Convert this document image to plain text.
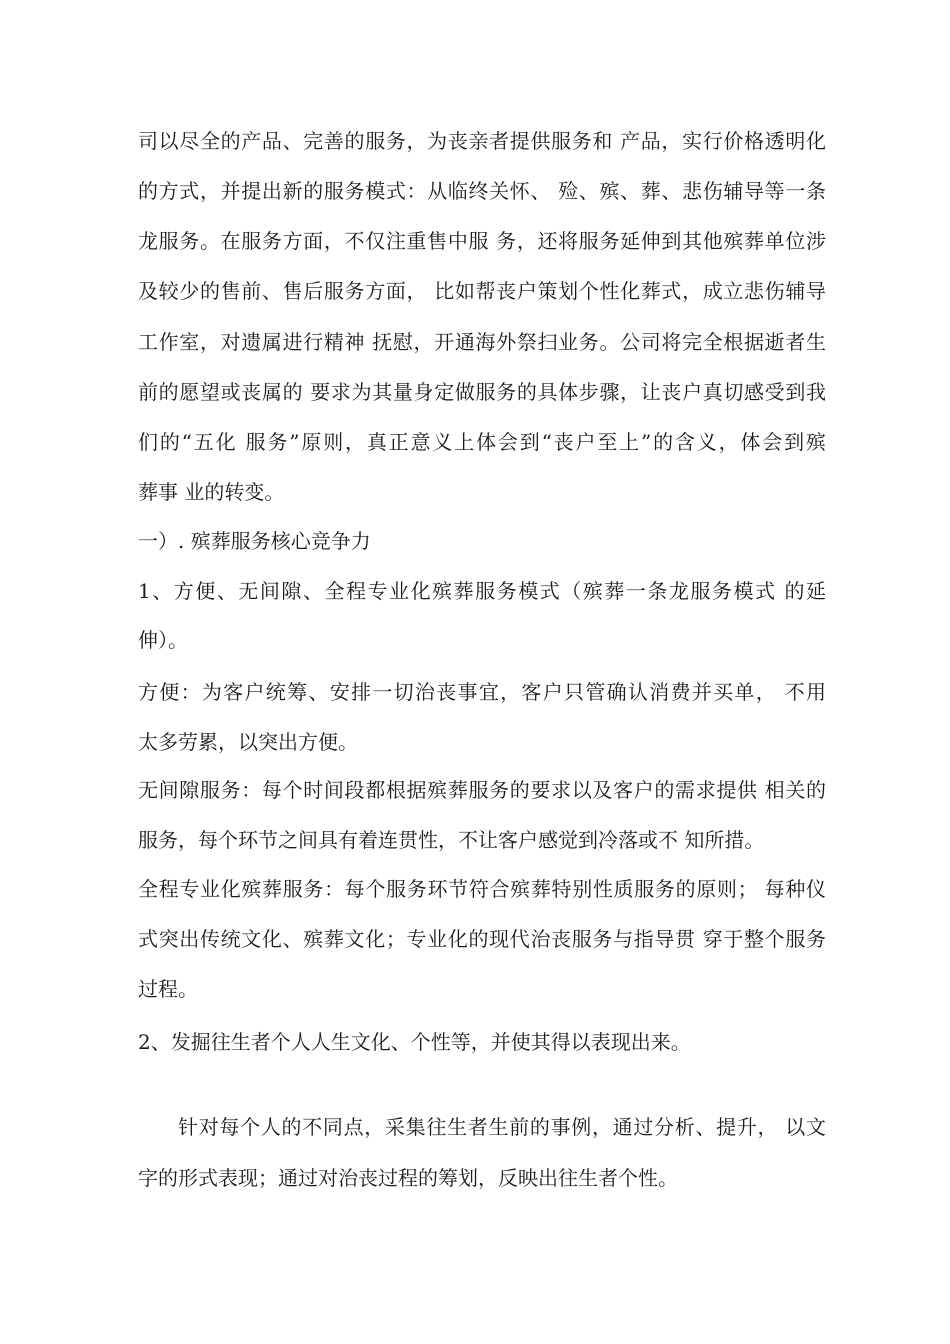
司以尽全的产品、完善的服务，为丧亲者提供服务和 产品，实行价格透明化
的方式，并提出新的服务模式：从临终关怀、 殓、殡、葬、悲伤辅导等一条
龙服务。在服务方面，不仅注重售中服 务，还将服务延伸到其他殡葬单位涉
及较少的售前、售后服务方面， 比如帮丧户策划个性化葬式，成立悲伤辅导
工作室，对遗属进行精神 抚慰，开通海外祭扫业务。公司将完全根据逝者生
前的愿望或丧属的 要求为其量身定做服务的具体步骤，让丧户真切感受到我
们的“五化 服务”原则，真正意义上体会到“丧户至上”的含义，体会到殡
葬事 业的转变。
一）. 殡葬服务核心竞争力
1、方便、无间隙、全程专业化殡葬服务模式（殡葬一条龙服务模式 的延
伸）。
方便：为客户统筹、安排一切治丧事宜，客户只管确认消费并买单， 不用
太多劳累，以突出方便。
无间隙服务：每个时间段都根据殡葬服务的要求以及客户的需求提供 相关的
服务，每个环节之间具有着连贯性，不让客户感觉到冷落或不 知所措。
全程专业化殡葬服务：每个服务环节符合殡葬特别性质服务的原则； 每种仪
式突出传统文化、殡葬文化；专业化的现代治丧服务与指导贯 穿于整个服务
过程。
2、发掘往生者个人人生文化、个性等，并使其得以表现出来。
针对每个人的不同点，采集往生者生前的事例，通过分析、提升， 以文
字的形式表现；通过对治丧过程的筹划，反映出往生者个性。
